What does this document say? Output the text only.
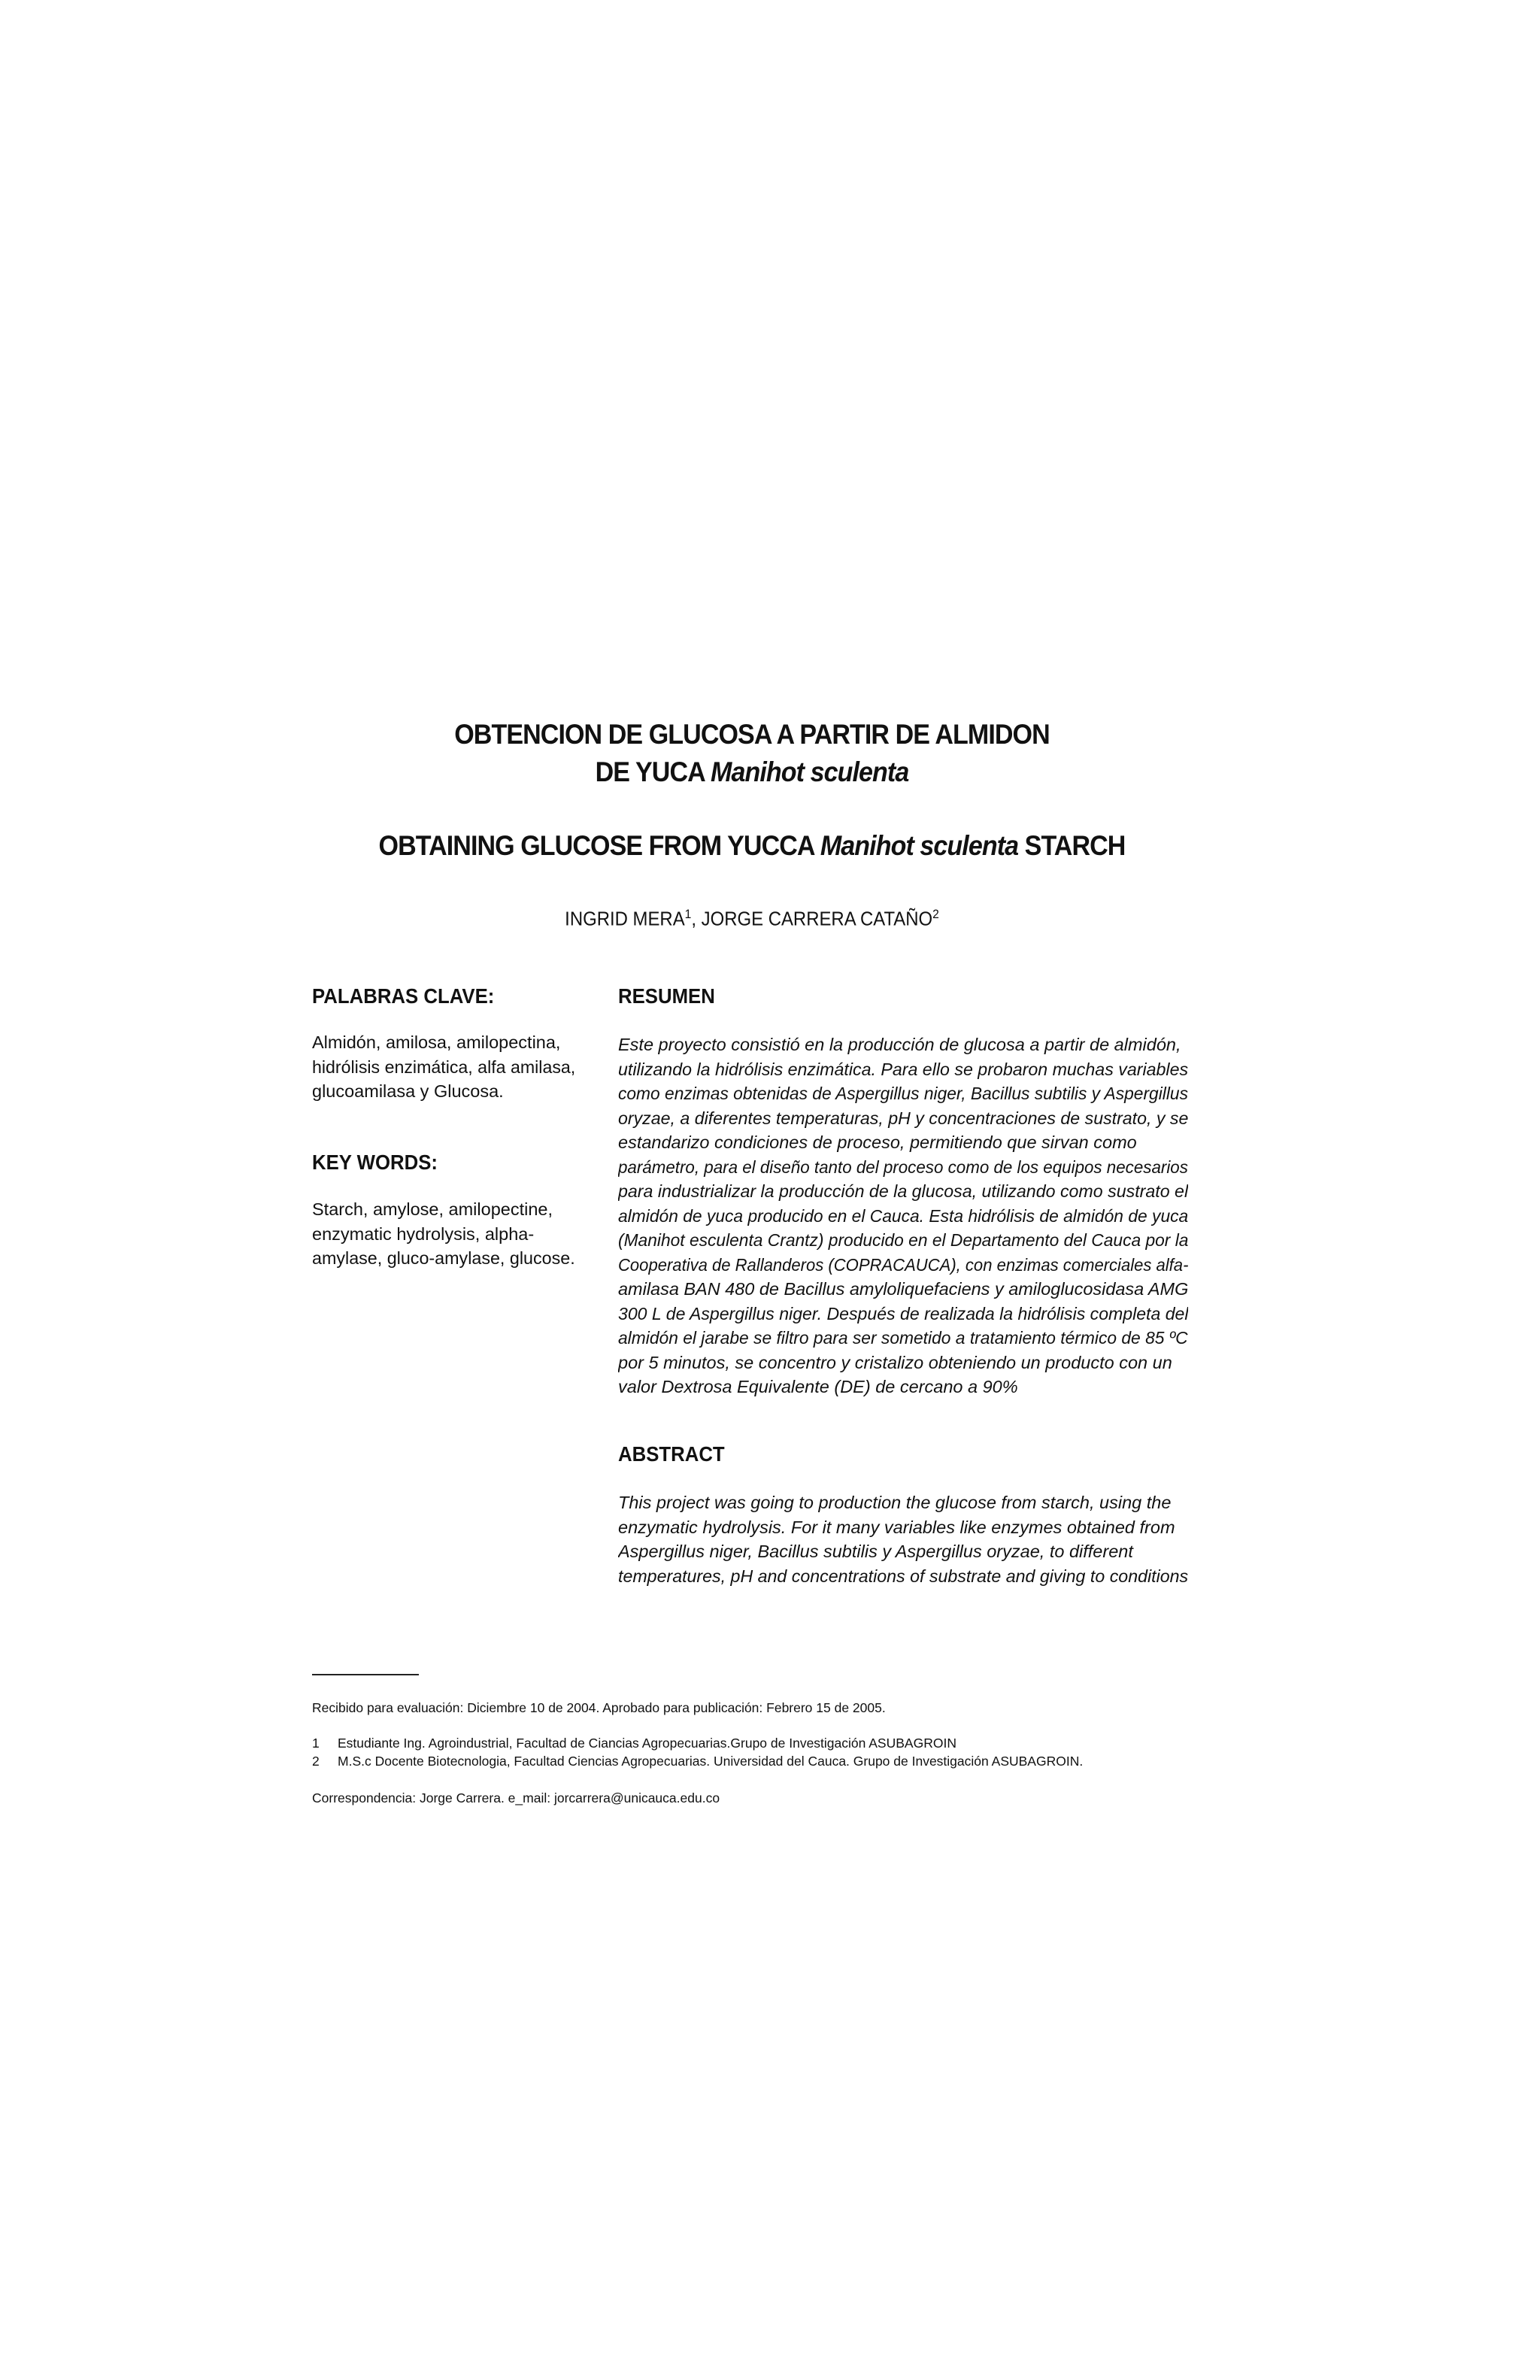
OBTENCION DE GLUCOSA A PARTIR DE ALMIDON
DE YUCA Manihot sculenta
OBTAINING GLUCOSE FROM YUCCA Manihot sculenta STARCH
INGRID MERA$^1$, JORGE CARRERA CATAÑO$^2$
PALABRAS CLAVE:
Almidón, amilosa, amilopectina,
hidrólisis enzimática, alfa amilasa,
glucoamilasa y Glucosa.
KEY WORDS:
Starch, amylose, amilopectine,
enzymatic hydrolysis, alpha-
amylase, gluco-amylase, glucose.
RESUMEN
Este proyecto consistió en la producción de glucosa a partir de almidón,
utilizando la hidrólisis enzimática. Para ello se probaron muchas variables
como enzimas obtenidas de Aspergillus niger, Bacillus subtilis y Aspergillus
oryzae, a diferentes temperaturas, pH y concentraciones de sustrato, y se
estandarizo condiciones de proceso, permitiendo que sirvan como
parámetro, para el diseño tanto del proceso como de los equipos necesarios
para industrializar la producción de la glucosa, utilizando como sustrato el
almidón de yuca producido en el Cauca. Esta hidrólisis de almidón de yuca
(Manihot esculenta Crantz) producido en el Departamento del Cauca por la
Cooperativa de Rallanderos (COPRACAUCA), con enzimas comerciales alfa-
amilasa BAN 480 de Bacillus amyloliquefaciens y amiloglucosidasa AMG
300 L de Aspergillus niger. Después de realizada la hidrólisis completa del
almidón el jarabe se filtro para ser sometido a tratamiento térmico de 85 ºC
por 5 minutos, se concentro y cristalizo obteniendo un producto con un
valor Dextrosa Equivalente (DE) de cercano a 90%
ABSTRACT
This project was going to production the glucose from starch, using the
enzymatic hydrolysis. For it many variables like enzymes obtained from
Aspergillus niger, Bacillus subtilis y Aspergillus oryzae, to different
temperatures, pH and concentrations of substrate and giving to conditions
Recibido para evaluación: Diciembre 10 de 2004. Aprobado para publicación: Febrero 15 de 2005.
1 Estudiante Ing. Agroindustrial, Facultad de Ciancias Agropecuarias.Grupo de Investigación ASUBAGROIN
2 M.S.c Docente Biotecnologia, Facultad Ciencias Agropecuarias. Universidad del Cauca. Grupo de Investigación ASUBAGROIN.
Correspondencia: Jorge Carrera. e_mail: jorcarrera@unicauca.edu.co
